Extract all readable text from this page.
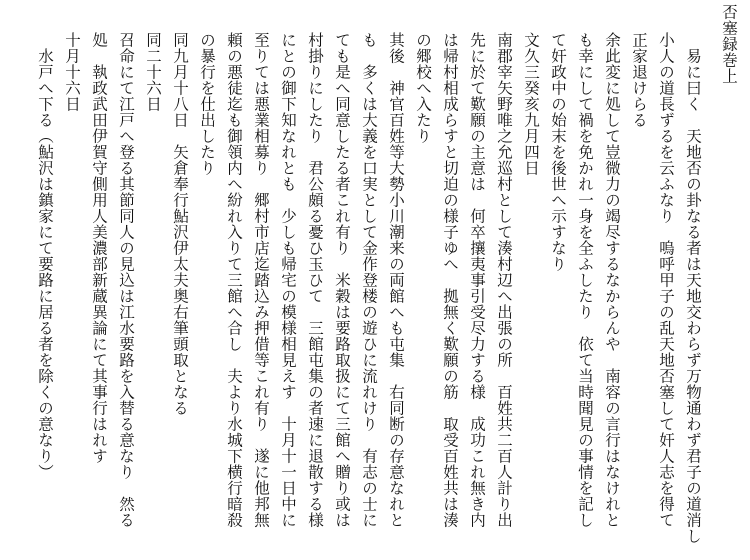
否塞録巻上
易に曰く　天地否の卦なる者は天地交わらず万物通わず君子の道消し
小人の道長ずるを云ふなり　嗚呼甲子の乱天地否塞して奸人志を得て
正家退けらる
余此変に処して豈微力の竭尽するなからんや　南容の言行はなけれと
も幸にして禍を免かれ一身を全ふしたり　依て当時聞見の事情を記し
て奸政中の始末を後世へ示すなり
文久三癸亥九月四日
南郡宰矢野唯之允巡村として湊村辺へ出張の所　百姓共二百人計り出
先に於て歎願の主意は　何卒攘夷事引受尽力する様　成功これ無き内
は帰村相成らすと切迫の様子ゆへ　拠無く歎願の筋　取受百姓共は湊
の郷校へ入たり
其後　神官百姓等大勢小川潮来の両館へも屯集　右同断の存意なれと
も　多くは大義を口実として金作登楼の遊ひに流れけり　有志の士に
ても是へ同意したる者これ有り　米穀は要路取扱にて三館へ贈り或は
村掛りにしたり　君公頗る憂ひ玉ひて　三館屯集の者速に退散する様
にとの御下知なれとも　少しも帰宅の模様相見えす　十月十一日中に
至りては悪業相募り　郷村市店迄踏込み押借等これ有り　遂に他邦無
頼の悪徒迄も御領内へ紛れ入りて三館へ合し　夫より水城下横行暗殺
の暴行を仕出したり
同九月十八日　矢倉奉行鮎沢伊太夫奥右筆頭取となる
同二十六日
召命にて江戸へ登る其節同人の見込は江水要路を入替る意なり　然る
処　執政武田伊賀守側用人美濃部新蔵異論にて其事行はれす
十月十六日
水戸へ下る（鮎沢は鎮家にて要路に居る者を除くの意なり）
